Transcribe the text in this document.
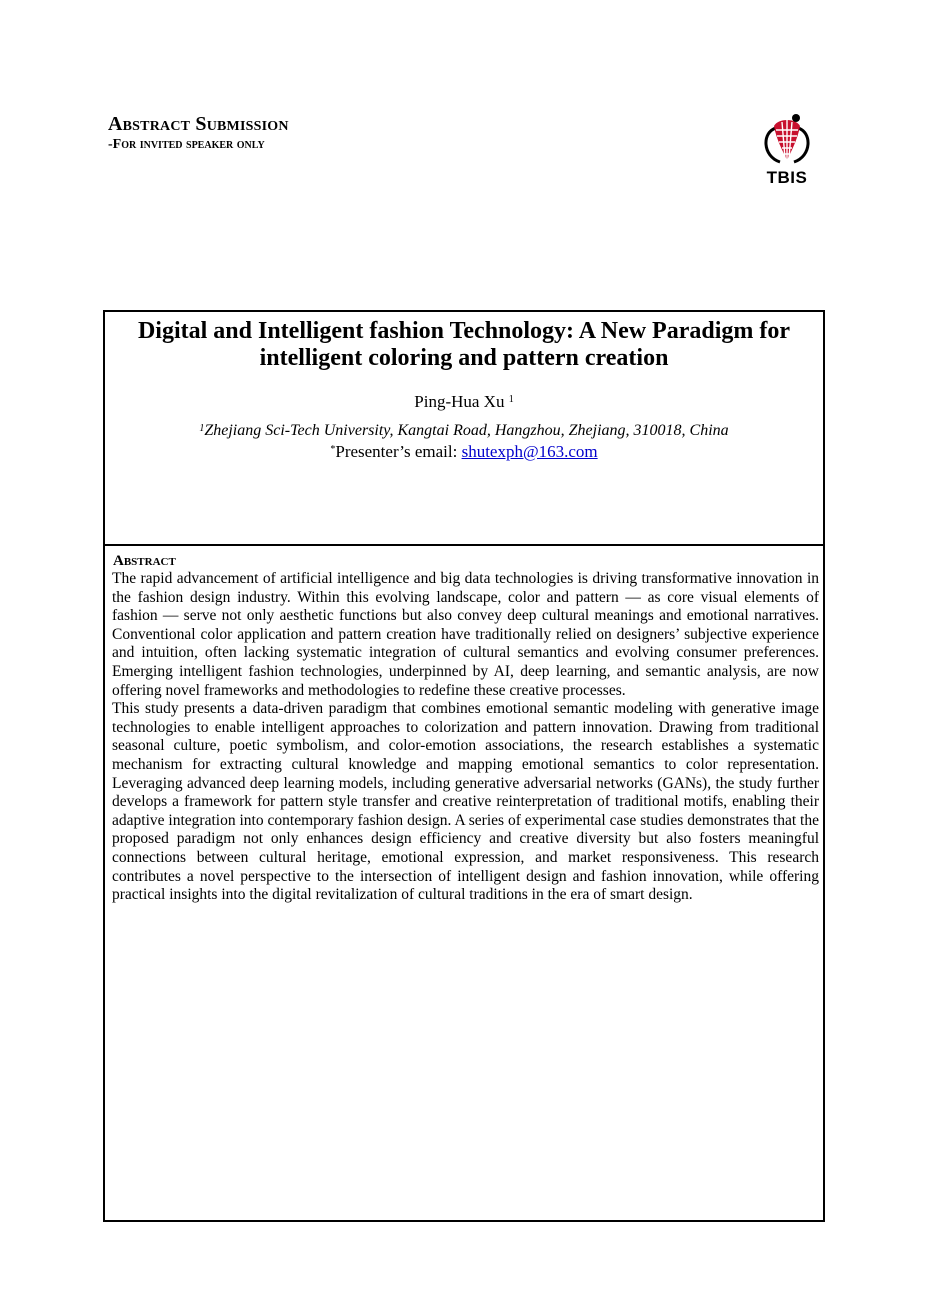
Abstract Submission
-For invited speaker only
TBIS
Digital and Intelligent fashion Technology: A New Paradigm for intelligent coloring and pattern creation
Ping-Hua Xu $^1$
$^1$Zhejiang Sci-Tech University, Kangtai Road, Hangzhou, Zhejiang, 310018, China
*Presenter’s email: shutexph@163.com
Abstract

The rapid advancement of artificial intelligence and big data technologies is driving transformative innovation in the fashion design industry. Within this evolving landscape, color and pattern — as core visual elements of fashion — serve not only aesthetic functions but also convey deep cultural meanings and emotional narratives. Conventional color application and pattern creation have traditionally relied on designers’ subjective experience and intuition, often lacking systematic integration of cultural semantics and evolving consumer preferences. Emerging intelligent fashion technologies, underpinned by AI, deep learning, and semantic analysis, are now offering novel frameworks and methodologies to redefine these creative processes.

This study presents a data-driven paradigm that combines emotional semantic modeling with generative image technologies to enable intelligent approaches to colorization and pattern innovation. Drawing from traditional seasonal culture, poetic symbolism, and color-emotion associations, the research establishes a systematic mechanism for extracting cultural knowledge and mapping emotional semantics to color representation. Leveraging advanced deep learning models, including generative adversarial networks (GANs), the study further develops a framework for pattern style transfer and creative reinterpretation of traditional motifs, enabling their adaptive integration into contemporary fashion design. A series of experimental case studies demonstrates that the proposed paradigm not only enhances design efficiency and creative diversity but also fosters meaningful connections between cultural heritage, emotional expression, and market responsiveness. This research contributes a novel perspective to the intersection of intelligent design and fashion innovation, while offering practical insights into the digital revitalization of cultural traditions in the era of smart design.
